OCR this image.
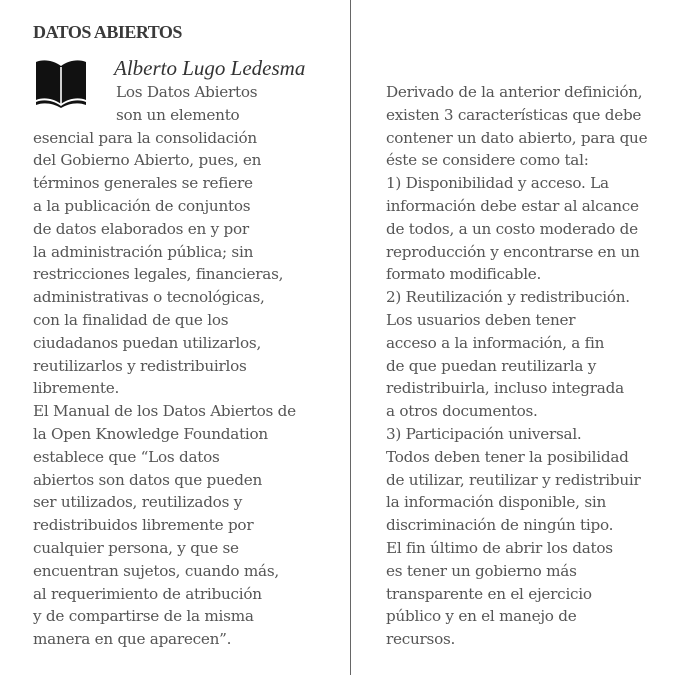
DATOS ABIERTOS
Alberto Lugo Ledesma
Los Datos Abiertos
son un elemento
esencial para la consolidación
del Gobierno Abierto, pues, en
términos generales se refiere
a la publicación de conjuntos
de datos elaborados en y por
la administración pública; sin
restricciones legales, financieras,
administrativas o tecnológicas,
con la finalidad de que los
ciudadanos puedan utilizarlos,
reutilizarlos y redistribuirlos
libremente.
El Manual de los Datos Abiertos de
la Open Knowledge Foundation
establece que “Los datos
abiertos son datos que pueden
ser utilizados, reutilizados y
redistribuidos libremente por
cualquier persona, y que se
encuentran sujetos, cuando más,
al requerimiento de atribución
y de compartirse de la misma
manera en que aparecen”.
Derivado de la anterior definición,
existen 3 características que debe
contener un dato abierto, para que
éste se considere como tal:
1) Disponibilidad y acceso. La
información debe estar al alcance
de todos, a un costo moderado de
reproducción y encontrarse en un
formato modificable.
2) Reutilización y redistribución.
Los usuarios deben tener
acceso a la información, a fin
de que puedan reutilizarla y
redistribuirla, incluso integrada
a otros documentos.
3) Participación universal.
Todos deben tener la posibilidad
de utilizar, reutilizar y redistribuir
la información disponible, sin
discriminación de ningún tipo.
El fin último de abrir los datos
es tener un gobierno más
transparente en el ejercicio
público y en el manejo de
recursos.
